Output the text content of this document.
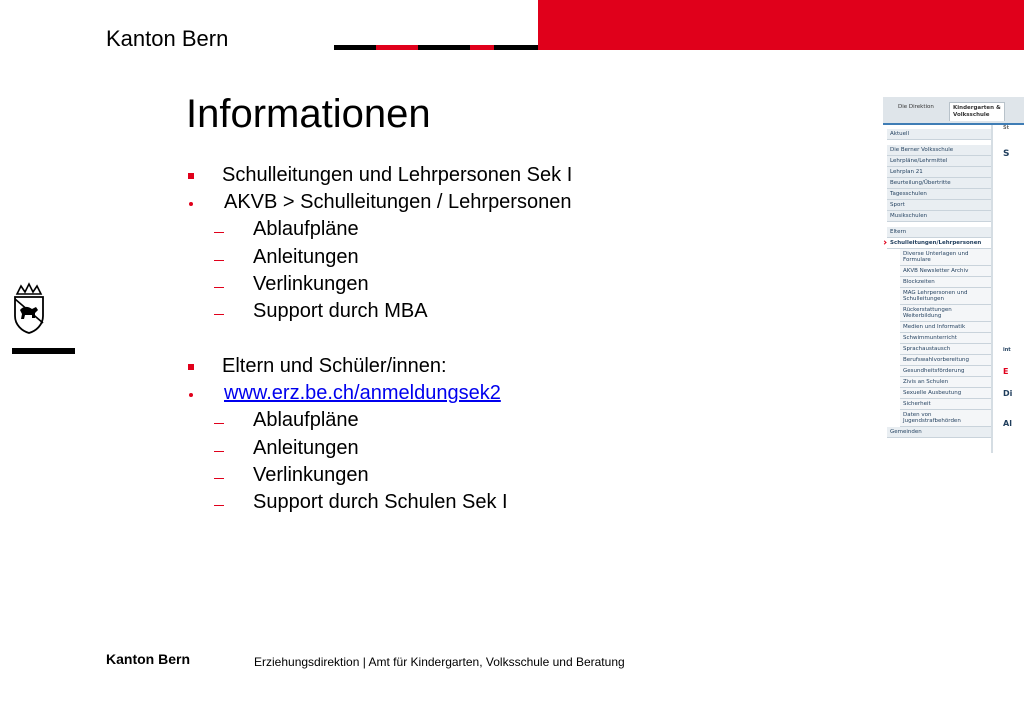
Kanton Bern
Informationen
Schulleitungen und Lehrpersonen Sek I
AKVB > Schulleitungen / Lehrpersonen
Ablaufpläne
Anleitungen
Verlinkungen
Support durch MBA
Eltern und Schüler/innen:
www.erz.be.ch/anmeldungsek2
Ablaufpläne
Anleitungen
Verlinkungen
Support durch Schulen Sek I
Die Direktion	Kindergarten & Volksschule
Aktuell
Die Berner Volksschule
Lehrpläne/Lehrmittel
Lehrplan 21
Beurteilung/Übertritte
Tagesschulen
Sport
Musikschulen
Eltern
Schulleitungen/Lehrpersonen
Diverse Unterlagen und Formulare
AKVB Newsletter Archiv
Blockzeiten
MAG Lehrpersonen und Schulleitungen
Rückerstattungen Weiterbildung
Medien und Informatik
Schwimmunterricht
Sprachaustausch
Berufswahlvorbereitung
Gesundheitsförderung
Zivis an Schulen
Sexuelle Ausbeutung
Sicherheit
Daten von Jugendstrafbehörden
Gemeinden
St
S
int
E
Di
Al
Kanton Bern	Erziehungsdirektion | Amt für Kindergarten, Volksschule und Beratung
